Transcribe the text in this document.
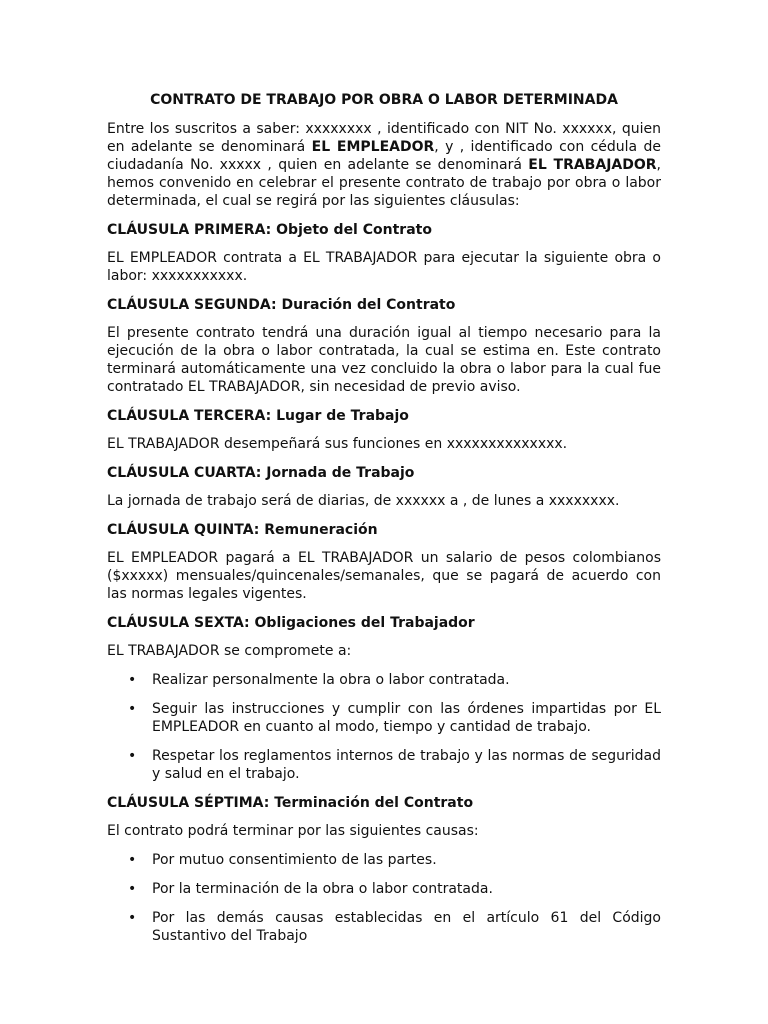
CONTRATO DE TRABAJO POR OBRA O LABOR DETERMINADA

Entre los suscritos a saber: xxxxxxxx , identificado con NIT No. xxxxxx, quien en adelante se denominará EL EMPLEADOR, y , identificado con cédula de ciudadanía No. xxxxx , quien en adelante se denominará EL TRABAJADOR, hemos convenido en celebrar el presente contrato de trabajo por obra o labor determinada, el cual se regirá por las siguientes cláusulas:

CLÁUSULA PRIMERA: Objeto del Contrato

EL EMPLEADOR contrata a EL TRABAJADOR para ejecutar la siguiente obra o labor: xxxxxxxxxxx.

CLÁUSULA SEGUNDA: Duración del Contrato

El presente contrato tendrá una duración igual al tiempo necesario para la ejecución de la obra o labor contratada, la cual se estima en. Este contrato terminará automáticamente una vez concluido la obra o labor para la cual fue contratado EL TRABAJADOR, sin necesidad de previo aviso.

CLÁUSULA TERCERA: Lugar de Trabajo

EL TRABAJADOR desempeñará sus funciones en xxxxxxxxxxxxxx.

CLÁUSULA CUARTA: Jornada de Trabajo

La jornada de trabajo será de diarias, de xxxxxx a , de lunes a xxxxxxxx.

CLÁUSULA QUINTA: Remuneración

EL EMPLEADOR pagará a EL TRABAJADOR un salario de pesos colombianos ($xxxxx) mensuales/quincenales/semanales, que se pagará de acuerdo con las normas legales vigentes.

CLÁUSULA SEXTA: Obligaciones del Trabajador

EL TRABAJADOR se compromete a:

• Realizar personalmente la obra o labor contratada.
• Seguir las instrucciones y cumplir con las órdenes impartidas por EL EMPLEADOR en cuanto al modo, tiempo y cantidad de trabajo.
• Respetar los reglamentos internos de trabajo y las normas de seguridad y salud en el trabajo.
CLÁUSULA SÉPTIMA: Terminación del Contrato

El contrato podrá terminar por las siguientes causas:

• Por mutuo consentimiento de las partes.
• Por la terminación de la obra o labor contratada.
• Por las demás causas establecidas en el artículo 61 del Código Sustantivo del Trabajo
